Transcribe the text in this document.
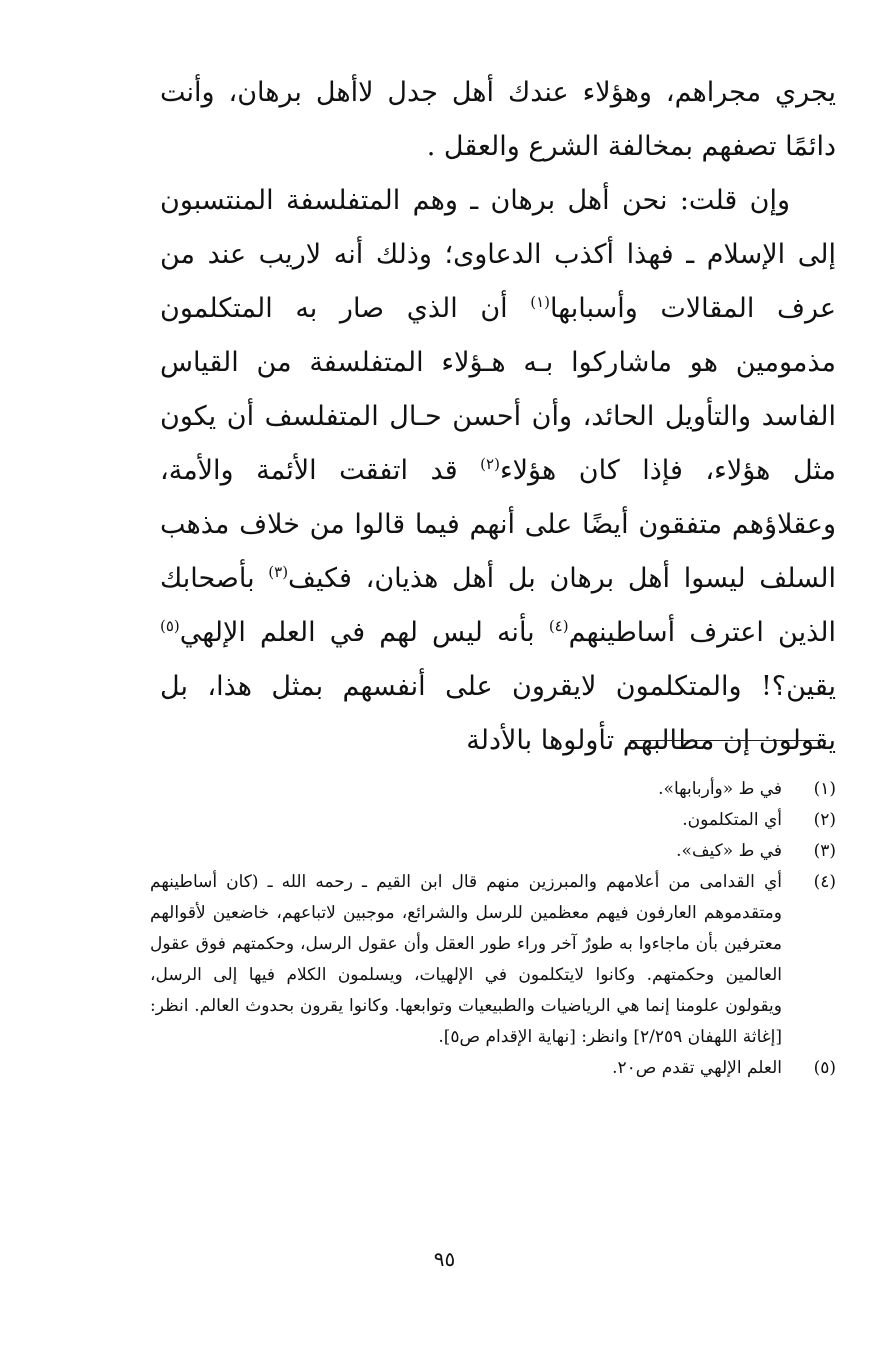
يجري مجراهم، وهؤلاء عندك أهل جدل لاأهل برهان، وأنت دائمًا تصفهم بمخالفة الشرع والعقل .

وإن قلت: نحن أهل برهان ـ وهم المتفلسفة المنتسبون إلى الإسلام ـ فهذا أكذب الدعاوى؛ وذلك أنه لاريب عند من عرف المقالات وأسبابها$^{(١)}$ أن الذي صار به المتكلمون مذمومين هو ماشاركوا بـه هـؤلاء المتفلسفة من القياس الفاسد والتأويل الحائد، وأن أحسن حـال المتفلسف أن يكون مثل هؤلاء، فإذا كان هؤلاء$^{(٢)}$ قد اتفقت الأئمة والأمة، وعقلاؤهم متفقون أيضًا على أنهم فيما قالوا من خلاف مذهب السلف ليسوا أهل برهان بل أهل هذيان، فكيف$^{(٣)}$ بأصحابك الذين اعترف أساطينهم$^{(٤)}$ بأنه ليس لهم في العلم الإلهي$^{(٥)}$ يقين؟! والمتكلمون لايقرون على أنفسهم بمثل هذا، بل يقولون إن مطالبهم تأولوها بالأدلة

(١)
في ط «وأربابها».
(٢)
أي المتكلمون.
(٣)
في ط «كيف».
(٤)
أي القدامى من أعلامهم والمبرزين منهم قال ابن القيم ـ رحمه الله ـ (كان أساطينهم ومتقدموهم العارفون فيهم معظمين للرسل والشرائع، موجبين لاتباعهم، خاضعين لأقوالهم معترفين بأن ماجاءوا به طورٌ آخر وراء طور العقل وأن عقول الرسل، وحكمتهم فوق عقول العالمين وحكمتهم. وكانوا لايتكلمون في الإلهيات، ويسلمون الكلام فيها إلى الرسل، ويقولون علومنا إنما هي الرياضيات والطبيعيات وتوابعها. وكانوا يقرون بحدوث العالم. انظر: [إغاثة اللهفان ٢/٢٥٩] وانظر: [نهاية الإقدام ص٥].
(٥)
العلم الإلهي تقدم ص٢٠.
٩٥
